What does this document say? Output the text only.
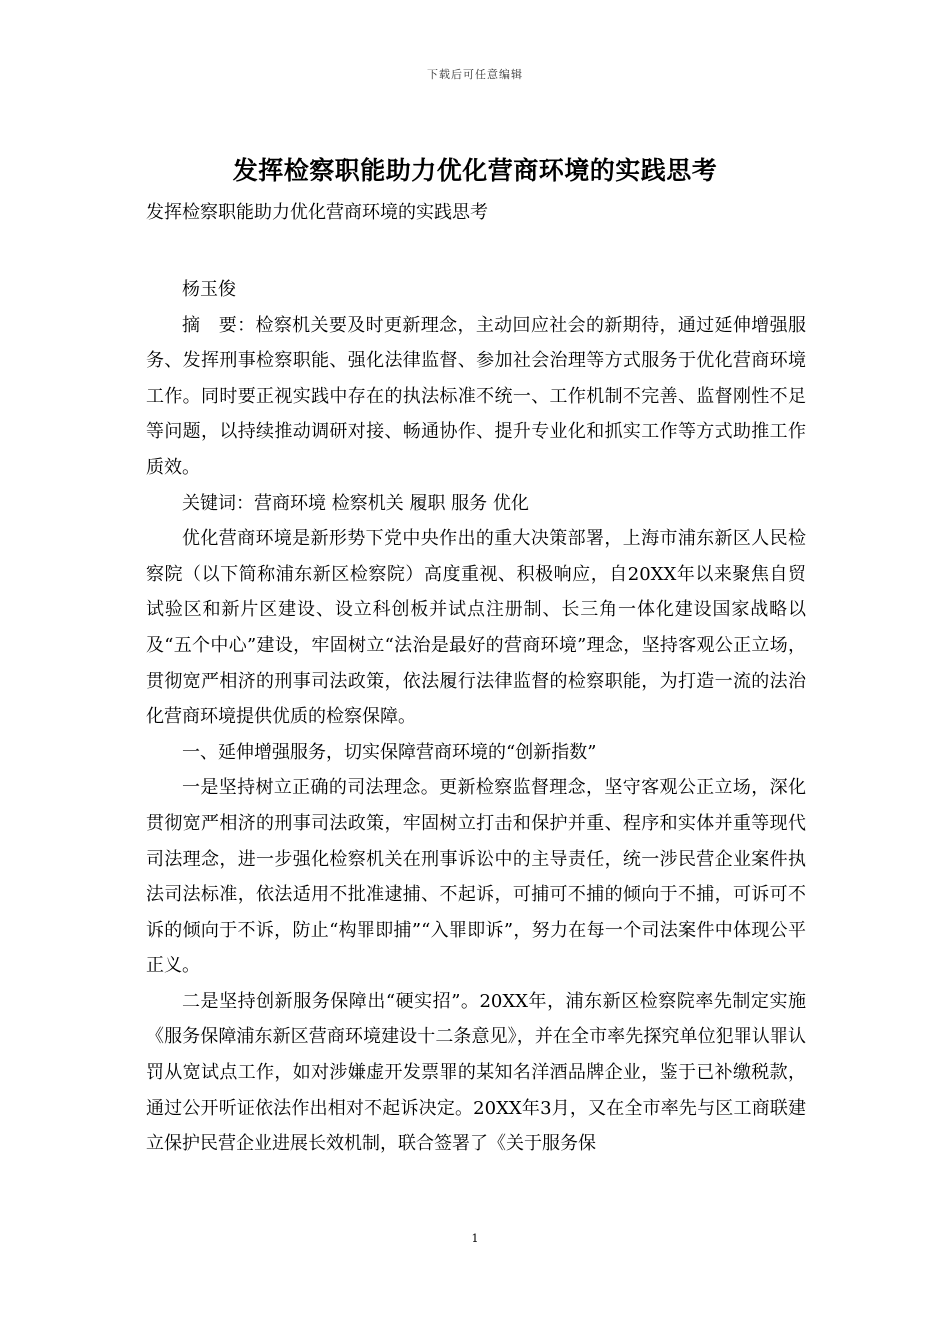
下载后可任意编辑
发挥检察职能助力优化营商环境的实践思考
发挥检察职能助力优化营商环境的实践思考

杨玉俊

摘　要：检察机关要及时更新理念，主动回应社会的新期待，通过延伸增强服务、发挥刑事检察职能、强化法律监督、参加社会治理等方式服务于优化营商环境工作。同时要正视实践中存在的执法标准不统一、工作机制不完善、监督刚性不足等问题，以持续推动调研对接、畅通协作、提升专业化和抓实工作等方式助推工作质效。

关键词：营商环境 检察机关 履职 服务 优化

优化营商环境是新形势下党中央作出的重大决策部署，上海市浦东新区人民检察院（以下简称浦东新区检察院）高度重视、积极响应，自20XX年以来聚焦自贸试验区和新片区建设、设立科创板并试点注册制、长三角一体化建设国家战略以及“五个中心”建设，牢固树立“法治是最好的营商环境”理念，坚持客观公正立场，贯彻宽严相济的刑事司法政策，依法履行法律监督的检察职能，为打造一流的法治化营商环境提供优质的检察保障。

一、延伸增强服务，切实保障营商环境的“创新指数”

一是坚持树立正确的司法理念。更新检察监督理念，坚守客观公正立场，深化贯彻宽严相济的刑事司法政策，牢固树立打击和保护并重、程序和实体并重等现代司法理念，进一步强化检察机关在刑事诉讼中的主导责任，统一涉民营企业案件执法司法标准，依法适用不批准逮捕、不起诉，可捕可不捕的倾向于不捕，可诉可不诉的倾向于不诉，防止“构罪即捕”“入罪即诉”，努力在每一个司法案件中体现公平正义。

二是坚持创新服务保障出“硬实招”。20XX年，浦东新区检察院率先制定实施《服务保障浦东新区营商环境建设十二条意见》，并在全市率先探究单位犯罪认罪认罚从宽试点工作，如对涉嫌虚开发票罪的某知名洋酒品牌企业，鉴于已补缴税款，通过公开听证依法作出相对不起诉决定。20XX年3月，又在全市率先与区工商联建立保护民营企业进展长效机制，联合签署了《关于服务保

1
